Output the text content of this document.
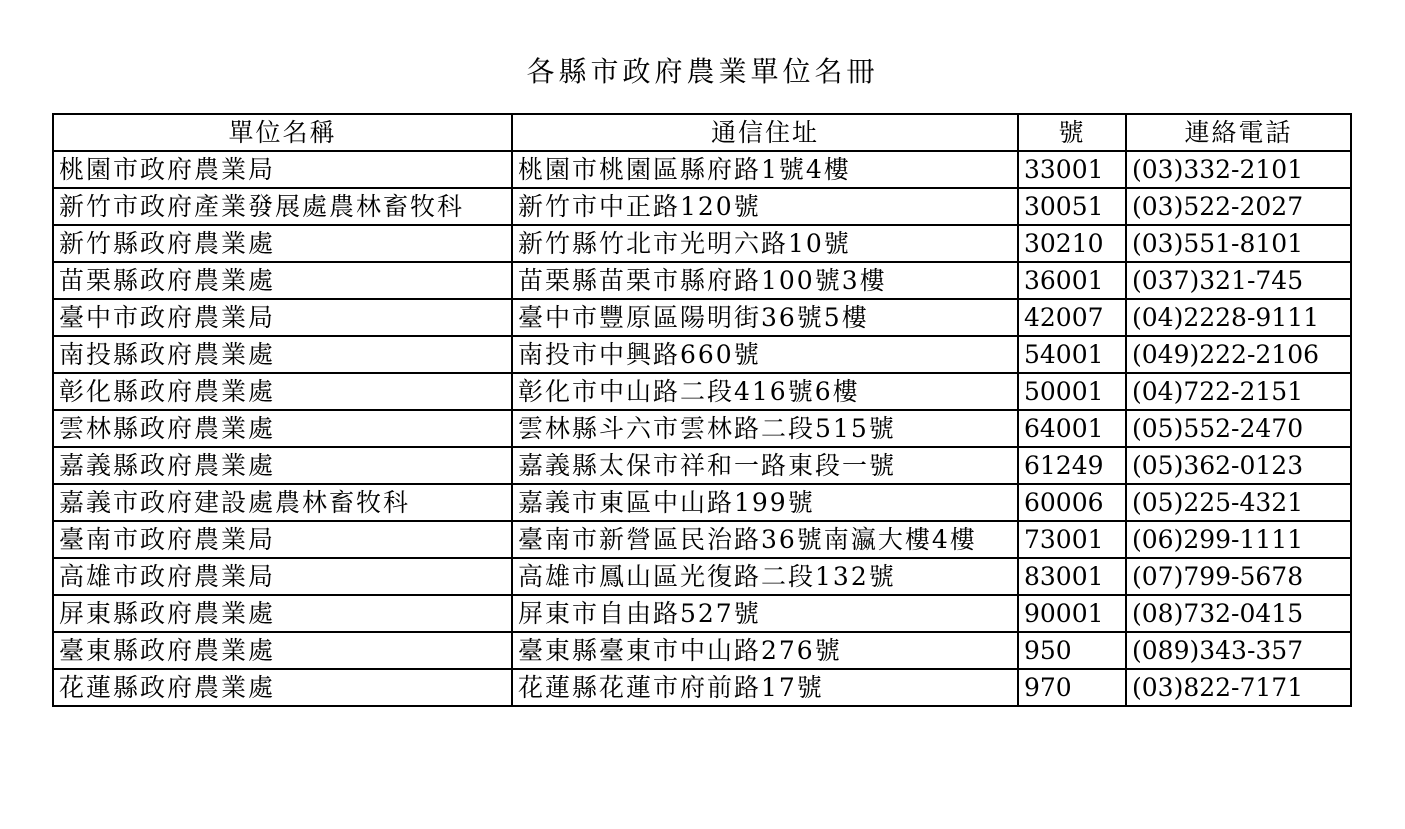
各縣市政府農業單位名冊
單位名稱	通信住址	號	連絡電話
桃園市政府農業局	桃園市桃園區縣府路1號4樓	33001	(03)332-2101
新竹市政府產業發展處農林畜牧科	新竹市中正路120號	30051	(03)522-2027
新竹縣政府農業處	新竹縣竹北市光明六路10號	30210	(03)551-8101
苗栗縣政府農業處	苗栗縣苗栗市縣府路100號3樓	36001	(037)321-745
臺中市政府農業局	臺中市豐原區陽明街36號5樓	42007	(04)2228-9111
南投縣政府農業處	南投市中興路660號	54001	(049)222-2106
彰化縣政府農業處	彰化市中山路二段416號6樓	50001	(04)722-2151
雲林縣政府農業處	雲林縣斗六市雲林路二段515號	64001	(05)552-2470
嘉義縣政府農業處	嘉義縣太保市祥和一路東段一號	61249	(05)362-0123
嘉義市政府建設處農林畜牧科	嘉義市東區中山路199號	60006	(05)225-4321
臺南市政府農業局	臺南市新營區民治路36號南瀛大樓4樓	73001	(06)299-1111
高雄市政府農業局	高雄市鳳山區光復路二段132號	83001	(07)799-5678
屏東縣政府農業處	屏東市自由路527號	90001	(08)732-0415
臺東縣政府農業處	臺東縣臺東市中山路276號	950	(089)343-357
花蓮縣政府農業處	花蓮縣花蓮市府前路17號	970	(03)822-7171
